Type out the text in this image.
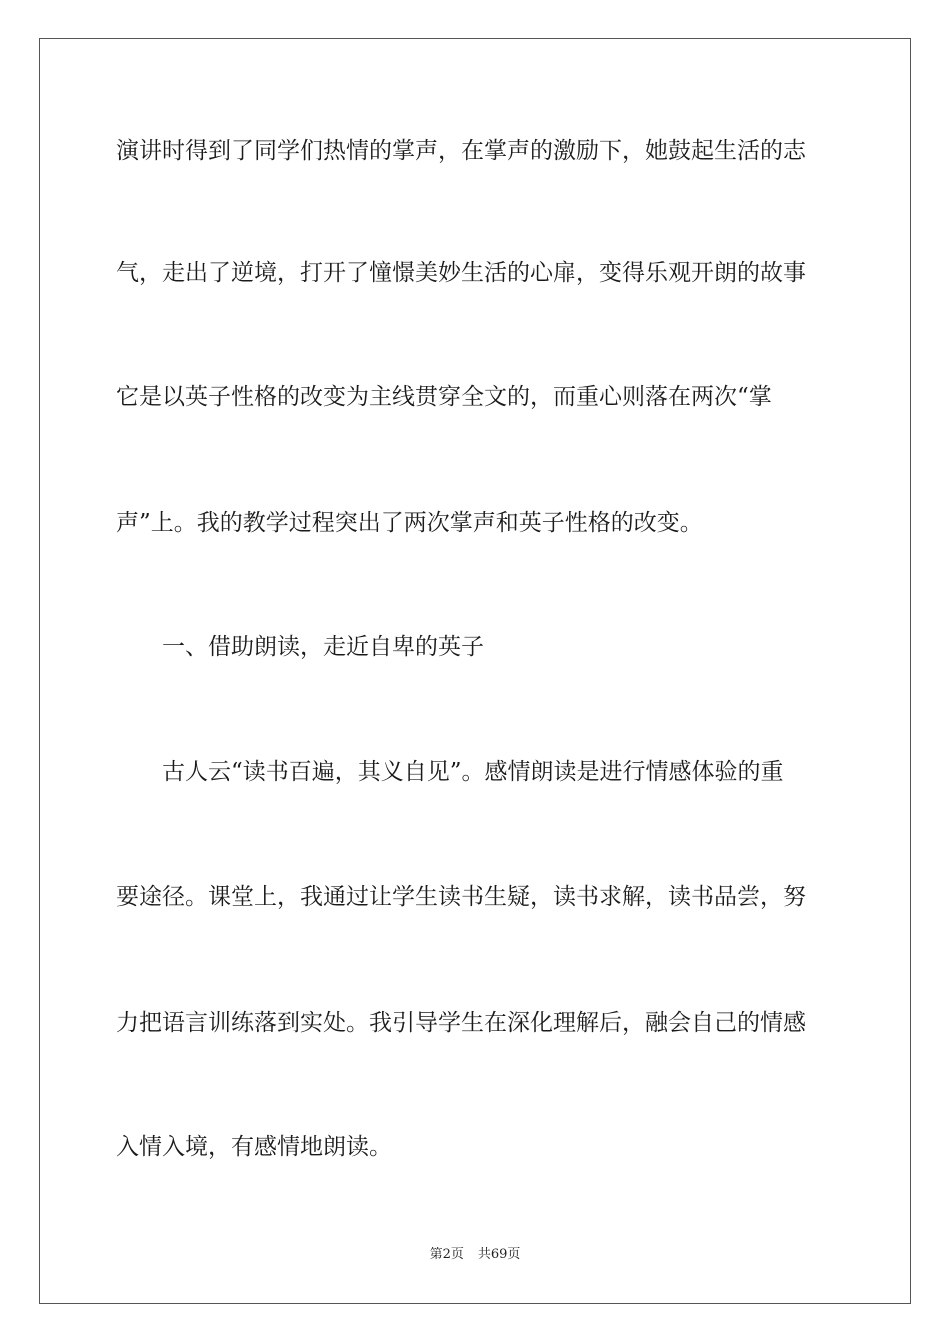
演讲时得到了同学们热情的掌声，在掌声的激励下，她鼓起生活的志
气，走出了逆境，打开了憧憬美妙生活的心扉，变得乐观开朗的故事
它是以英子性格的改变为主线贯穿全文的，而重心则落在两次“掌
声”上。我的教学过程突出了两次掌声和英子性格的改变。
　　一、借助朗读，走近自卑的英子
　　古人云“读书百遍，其义自见”。感情朗读是进行情感体验的重
要途径。课堂上，我通过让学生读书生疑，读书求解，读书品尝，努
力把语言训练落到实处。我引导学生在深化理解后，融会自己的情感
入情入境，有感情地朗读。
第2页 共69页
